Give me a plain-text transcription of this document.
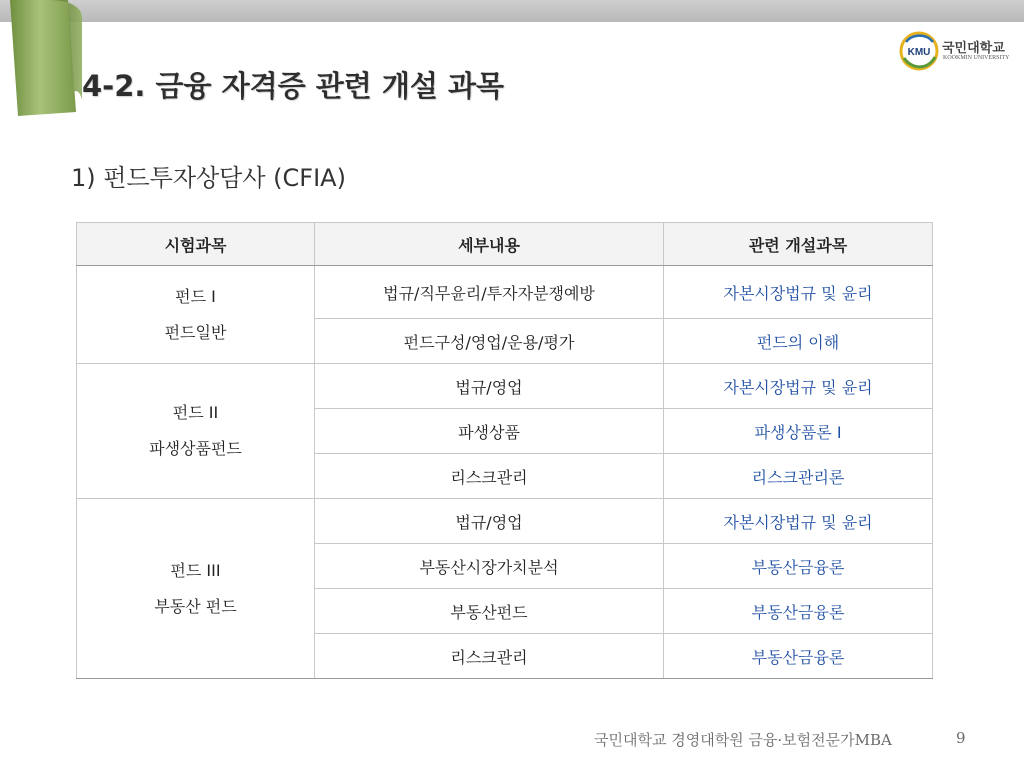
KMU 국민대학교
KOOKMIN UNIVERSITY
4-2. 금융 자격증 관련 개설 과목
1) 펀드투자상담사 (CFIA)
시험과목	세부내용	관련 개설과목

펀드 I
펀드일반	법규/직무윤리/투자자분쟁예방	자본시장법규 및 윤리
	펀드구성/영업/운용/평가	펀드의 이해

펀드 II
파생상품펀드	법규/영업	자본시장법규 및 윤리
	파생상품	파생상품론 I
	리스크관리	리스크관리론

펀드 III
부동산 펀드	법규/영업	자본시장법규 및 윤리
	부동산시장가치분석	부동산금융론
	부동산펀드	부동산금융론
	리스크관리	부동산금융론
국민대학교 경영대학원 금융·보험전문가MBA	9
